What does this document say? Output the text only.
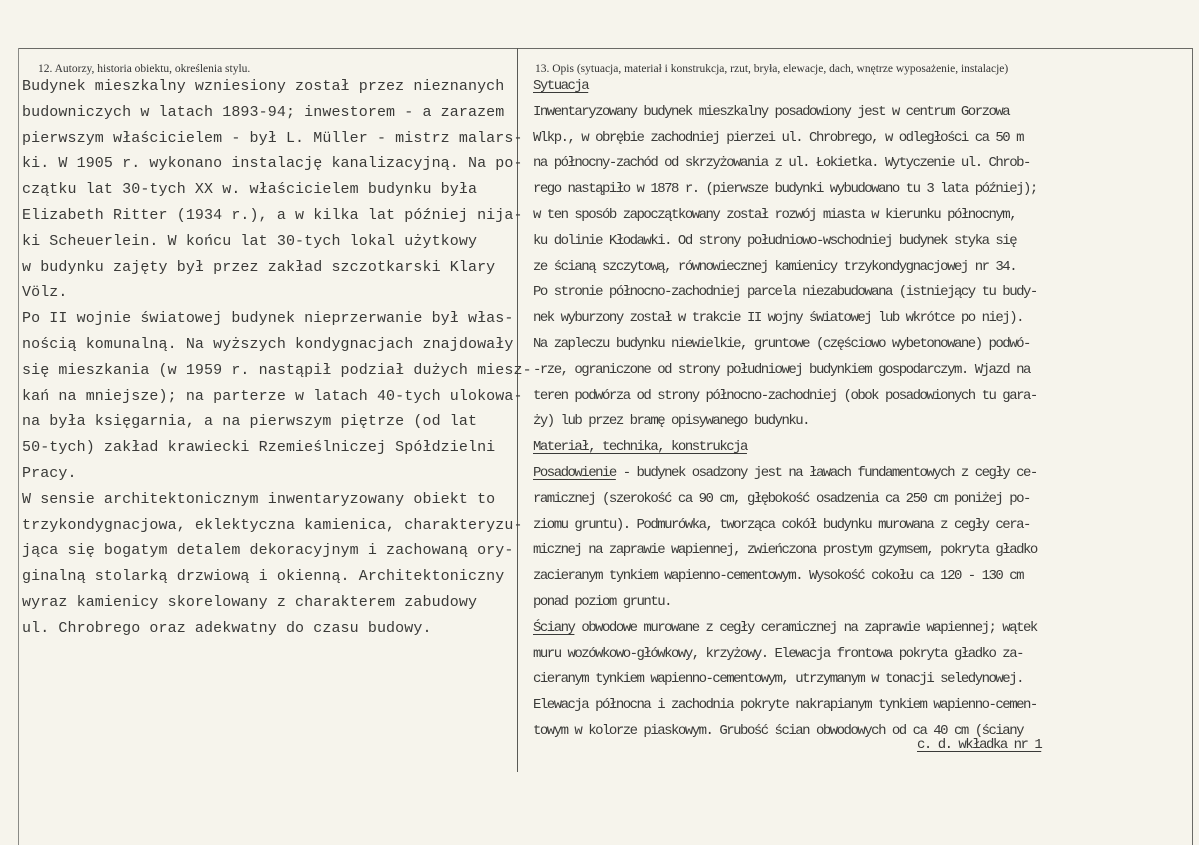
12. Autorzy, historia obiektu, określenia stylu.	13. Opis (sytuacja, materiał i konstrukcja, rzut, bryła, elewacje, dach, wnętrze wyposażenie, instalacje)
Budynek mieszkalny wzniesiony został przez nieznanych
budowniczych w latach 1893-94; inwestorem - a zarazem
pierwszym właścicielem - był L. Müller - mistrz malars-
ki. W 1905 r. wykonano instalację kanalizacyjną. Na po-
czątku lat 30-tych XX w. właścicielem budynku była
Elizabeth Ritter (1934 r.), a w kilka lat później nija-
ki Scheuerlein. W końcu lat 30-tych lokal użytkowy
w budynku zajęty był przez zakład szczotkarski Klary
Völz.
Po II wojnie światowej budynek nieprzerwanie był włas-
nością komunalną. Na wyższych kondygnacjach znajdowały
się mieszkania (w 1959 r. nastąpił podział dużych miesz-
kań na mniejsze); na parterze w latach 40-tych ulokowa-
na była księgarnia, a na pierwszym piętrze (od lat
50-tych) zakład krawiecki Rzemieślniczej Spółdzielni
Pracy.
W sensie architektonicznym inwentaryzowany obiekt to
trzykondygnacjowa, eklektyczna kamienica, charakteryzu-
jąca się bogatym detalem dekoracyjnym i zachowaną ory-
ginalną stolarką drzwiową i okienną. Architektoniczny
wyraz kamienicy skorelowany z charakterem zabudowy
ul. Chrobrego oraz adekwatny do czasu budowy.
Sytuacja
Inwentaryzowany budynek mieszkalny posadowiony jest w centrum Gorzowa
Wlkp., w obrębie zachodniej pierzei ul. Chrobrego, w odległości ca 50 m
na północny-zachód od skrzyżowania z ul. Łokietka. Wytyczenie ul. Chrob-
rego nastąpiło w 1878 r. (pierwsze budynki wybudowano tu 3 lata później);
w ten sposób zapoczątkowany został rozwój miasta w kierunku północnym,
ku dolinie Kłodawki. Od strony południowo-wschodniej budynek styka się
ze ścianą szczytową, równowiecznej kamienicy trzykondygnacjowej nr 34.
Po stronie północno-zachodniej parcela niezabudowana (istniejący tu budy-
nek wyburzony został w trakcie II wojny światowej lub wkrótce po niej).
Na zapleczu budynku niewielkie, gruntowe (częściowo wybetonowane) podwó-
-rze, ograniczone od strony południowej budynkiem gospodarczym. Wjazd na
teren podwórza od strony północno-zachodniej (obok posadowionych tu gara-
ży) lub przez bramę opisywanego budynku.
Materiał, technika, konstrukcja
Posadowienie - budynek osadzony jest na ławach fundamentowych z cegły ce-
ramicznej (szerokość ca 90 cm, głębokość osadzenia ca 250 cm poniżej po-
ziomu gruntu). Podmurówka, tworząca cokół budynku murowana z cegły cera-
micznej na zaprawie wapiennej, zwieńczona prostym gzymsem, pokryta gładko
zacieranym tynkiem wapienno-cementowym. Wysokość cokołu ca 120 - 130 cm
ponad poziom gruntu.
Ściany obwodowe murowane z cegły ceramicznej na zaprawie wapiennej; wątek
muru wozówkowo-główkowy, krzyżowy. Elewacja frontowa pokryta gładko za-
cieranym tynkiem wapienno-cementowym, utrzymanym w tonacji seledynowej.
Elewacja północna i zachodnia pokryte nakrapianym tynkiem wapienno-cemen-
towym w kolorze piaskowym. Grubość ścian obwodowych od ca 40 cm (ściany
c. d. wkładka nr 1
